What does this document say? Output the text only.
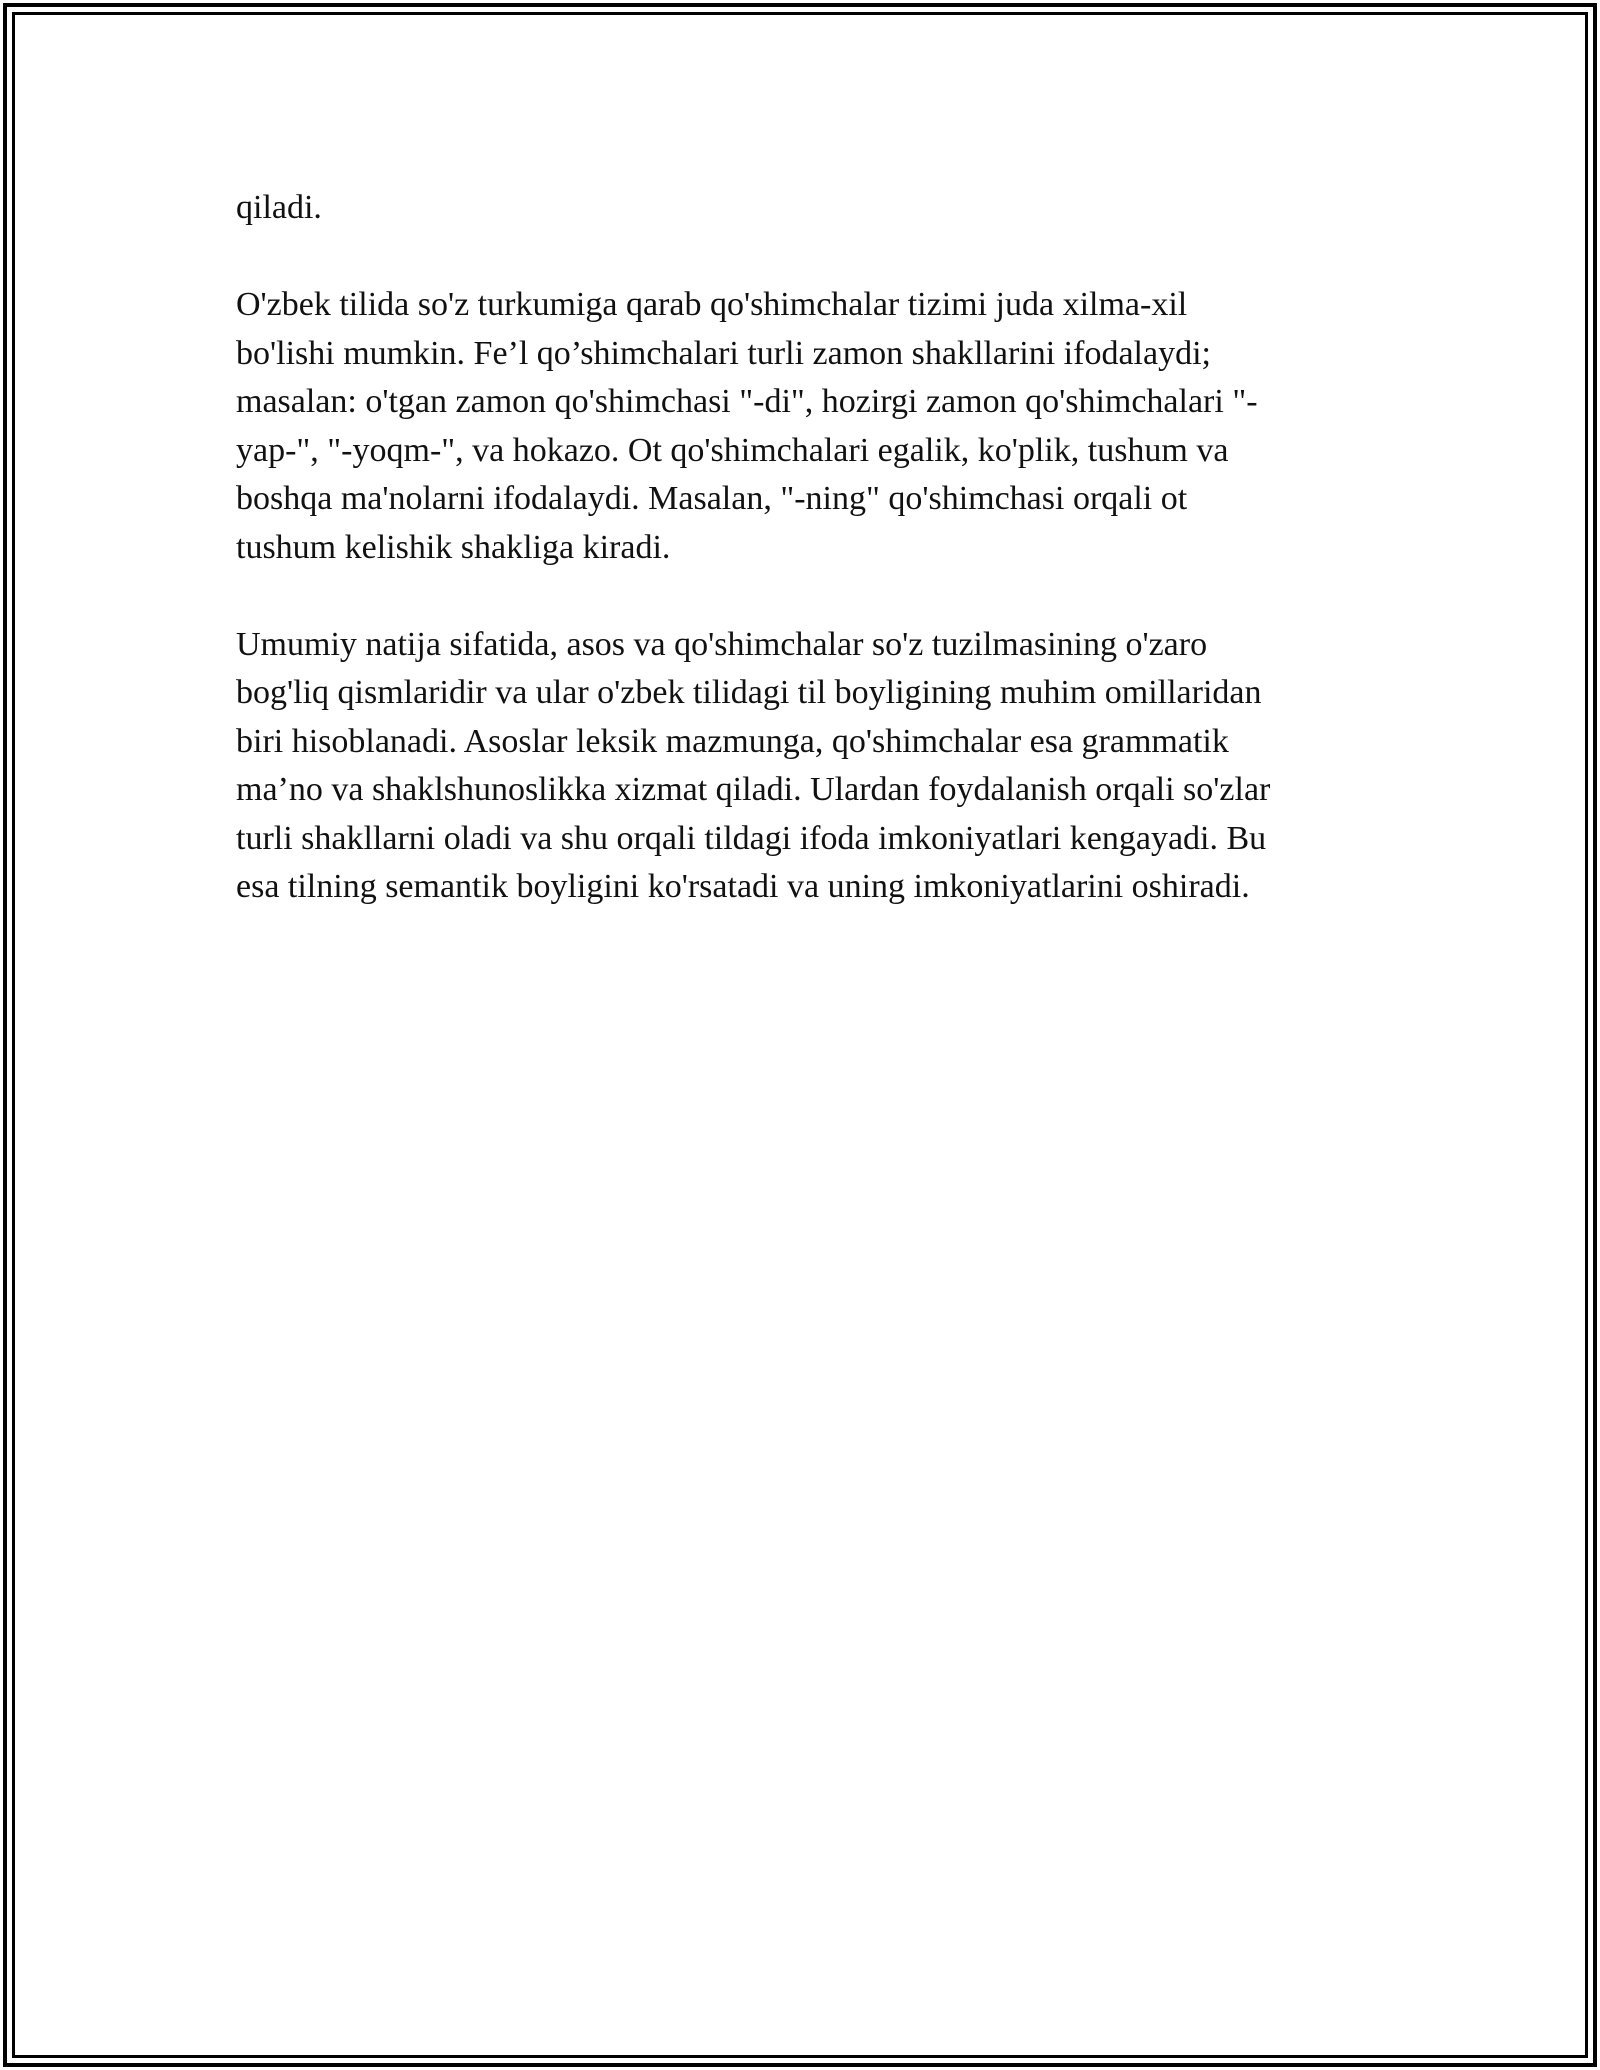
qiladi.

O'zbek tilida so'z turkumiga qarab qo'shimchalar tizimi juda xilma-xil
bo'lishi mumkin. Fe’l qo’shimchalari turli zamon shakllarini ifodalaydi;
masalan: o'tgan zamon qo'shimchasi "-di", hozirgi zamon qo'shimchalari "-
yap-", "-yoqm-", va hokazo. Ot qo'shimchalari egalik, ko'plik, tushum va
boshqa ma'nolarni ifodalaydi. Masalan, "-ning" qo'shimchasi orqali ot
tushum kelishik shakliga kiradi.

Umumiy natija sifatida, asos va qo'shimchalar so'z tuzilmasining o'zaro
bog'liq qismlaridir va ular o'zbek tilidagi til boyligining muhim omillaridan
biri hisoblanadi. Asoslar leksik mazmunga, qo'shimchalar esa grammatik
ma’no va shaklshunoslikka xizmat qiladi. Ulardan foydalanish orqali so'zlar
turli shakllarni oladi va shu orqali tildagi ifoda imkoniyatlari kengayadi. Bu
esa tilning semantik boyligini ko'rsatadi va uning imkoniyatlarini oshiradi.
